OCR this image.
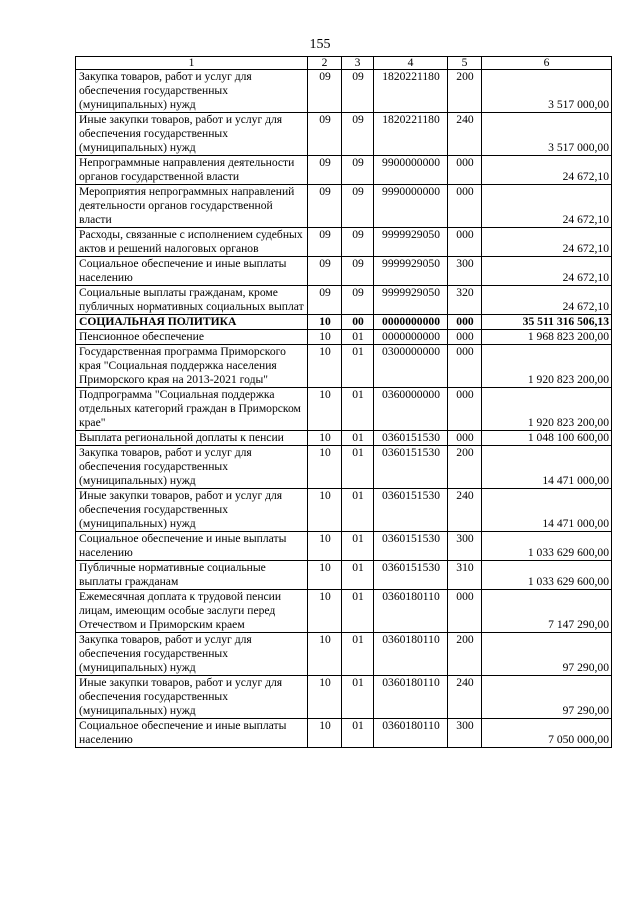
155
1	2	3	4	5	6
Закупка товаров, работ и услуг для обеспечения государственных (муниципальных) нужд	09	09	1820221180	200	3 517 000,00
Иные закупки товаров, работ и услуг для обеспечения государственных (муниципальных) нужд	09	09	1820221180	240	3 517 000,00
Непрограммные направления деятельности органов государственной власти	09	09	9900000000	000	24 672,10
Мероприятия непрограммных направлений деятельности органов государственной власти	09	09	9990000000	000	24 672,10
Расходы, связанные с исполнением судебных актов и решений налоговых органов	09	09	9999929050	000	24 672,10
Социальное обеспечение и иные выплаты населению	09	09	9999929050	300	24 672,10
Социальные выплаты гражданам, кроме публичных нормативных социальных выплат	09	09	9999929050	320	24 672,10
СОЦИАЛЬНАЯ ПОЛИТИКА	10	00	0000000000	000	35 511 316 506,13
Пенсионное обеспечение	10	01	0000000000	000	1 968 823 200,00
Государственная программа Приморского края "Социальная поддержка населения Приморского края на 2013-2021 годы"	10	01	0300000000	000	1 920 823 200,00
Подпрограмма "Социальная поддержка отдельных категорий граждан в Приморском крае"	10	01	0360000000	000	1 920 823 200,00
Выплата региональной доплаты к пенсии	10	01	0360151530	000	1 048 100 600,00
Закупка товаров, работ и услуг для обеспечения государственных (муниципальных) нужд	10	01	0360151530	200	14 471 000,00
Иные закупки товаров, работ и услуг для обеспечения государственных (муниципальных) нужд	10	01	0360151530	240	14 471 000,00
Социальное обеспечение и иные выплаты населению	10	01	0360151530	300	1 033 629 600,00
Публичные нормативные социальные выплаты гражданам	10	01	0360151530	310	1 033 629 600,00
Ежемесячная доплата к трудовой пенсии лицам, имеющим особые заслуги перед Отечеством и Приморским краем	10	01	0360180110	000	7 147 290,00
Закупка товаров, работ и услуг для обеспечения государственных (муниципальных) нужд	10	01	0360180110	200	97 290,00
Иные закупки товаров, работ и услуг для обеспечения государственных (муниципальных) нужд	10	01	0360180110	240	97 290,00
Социальное обеспечение и иные выплаты населению	10	01	0360180110	300	7 050 000,00
